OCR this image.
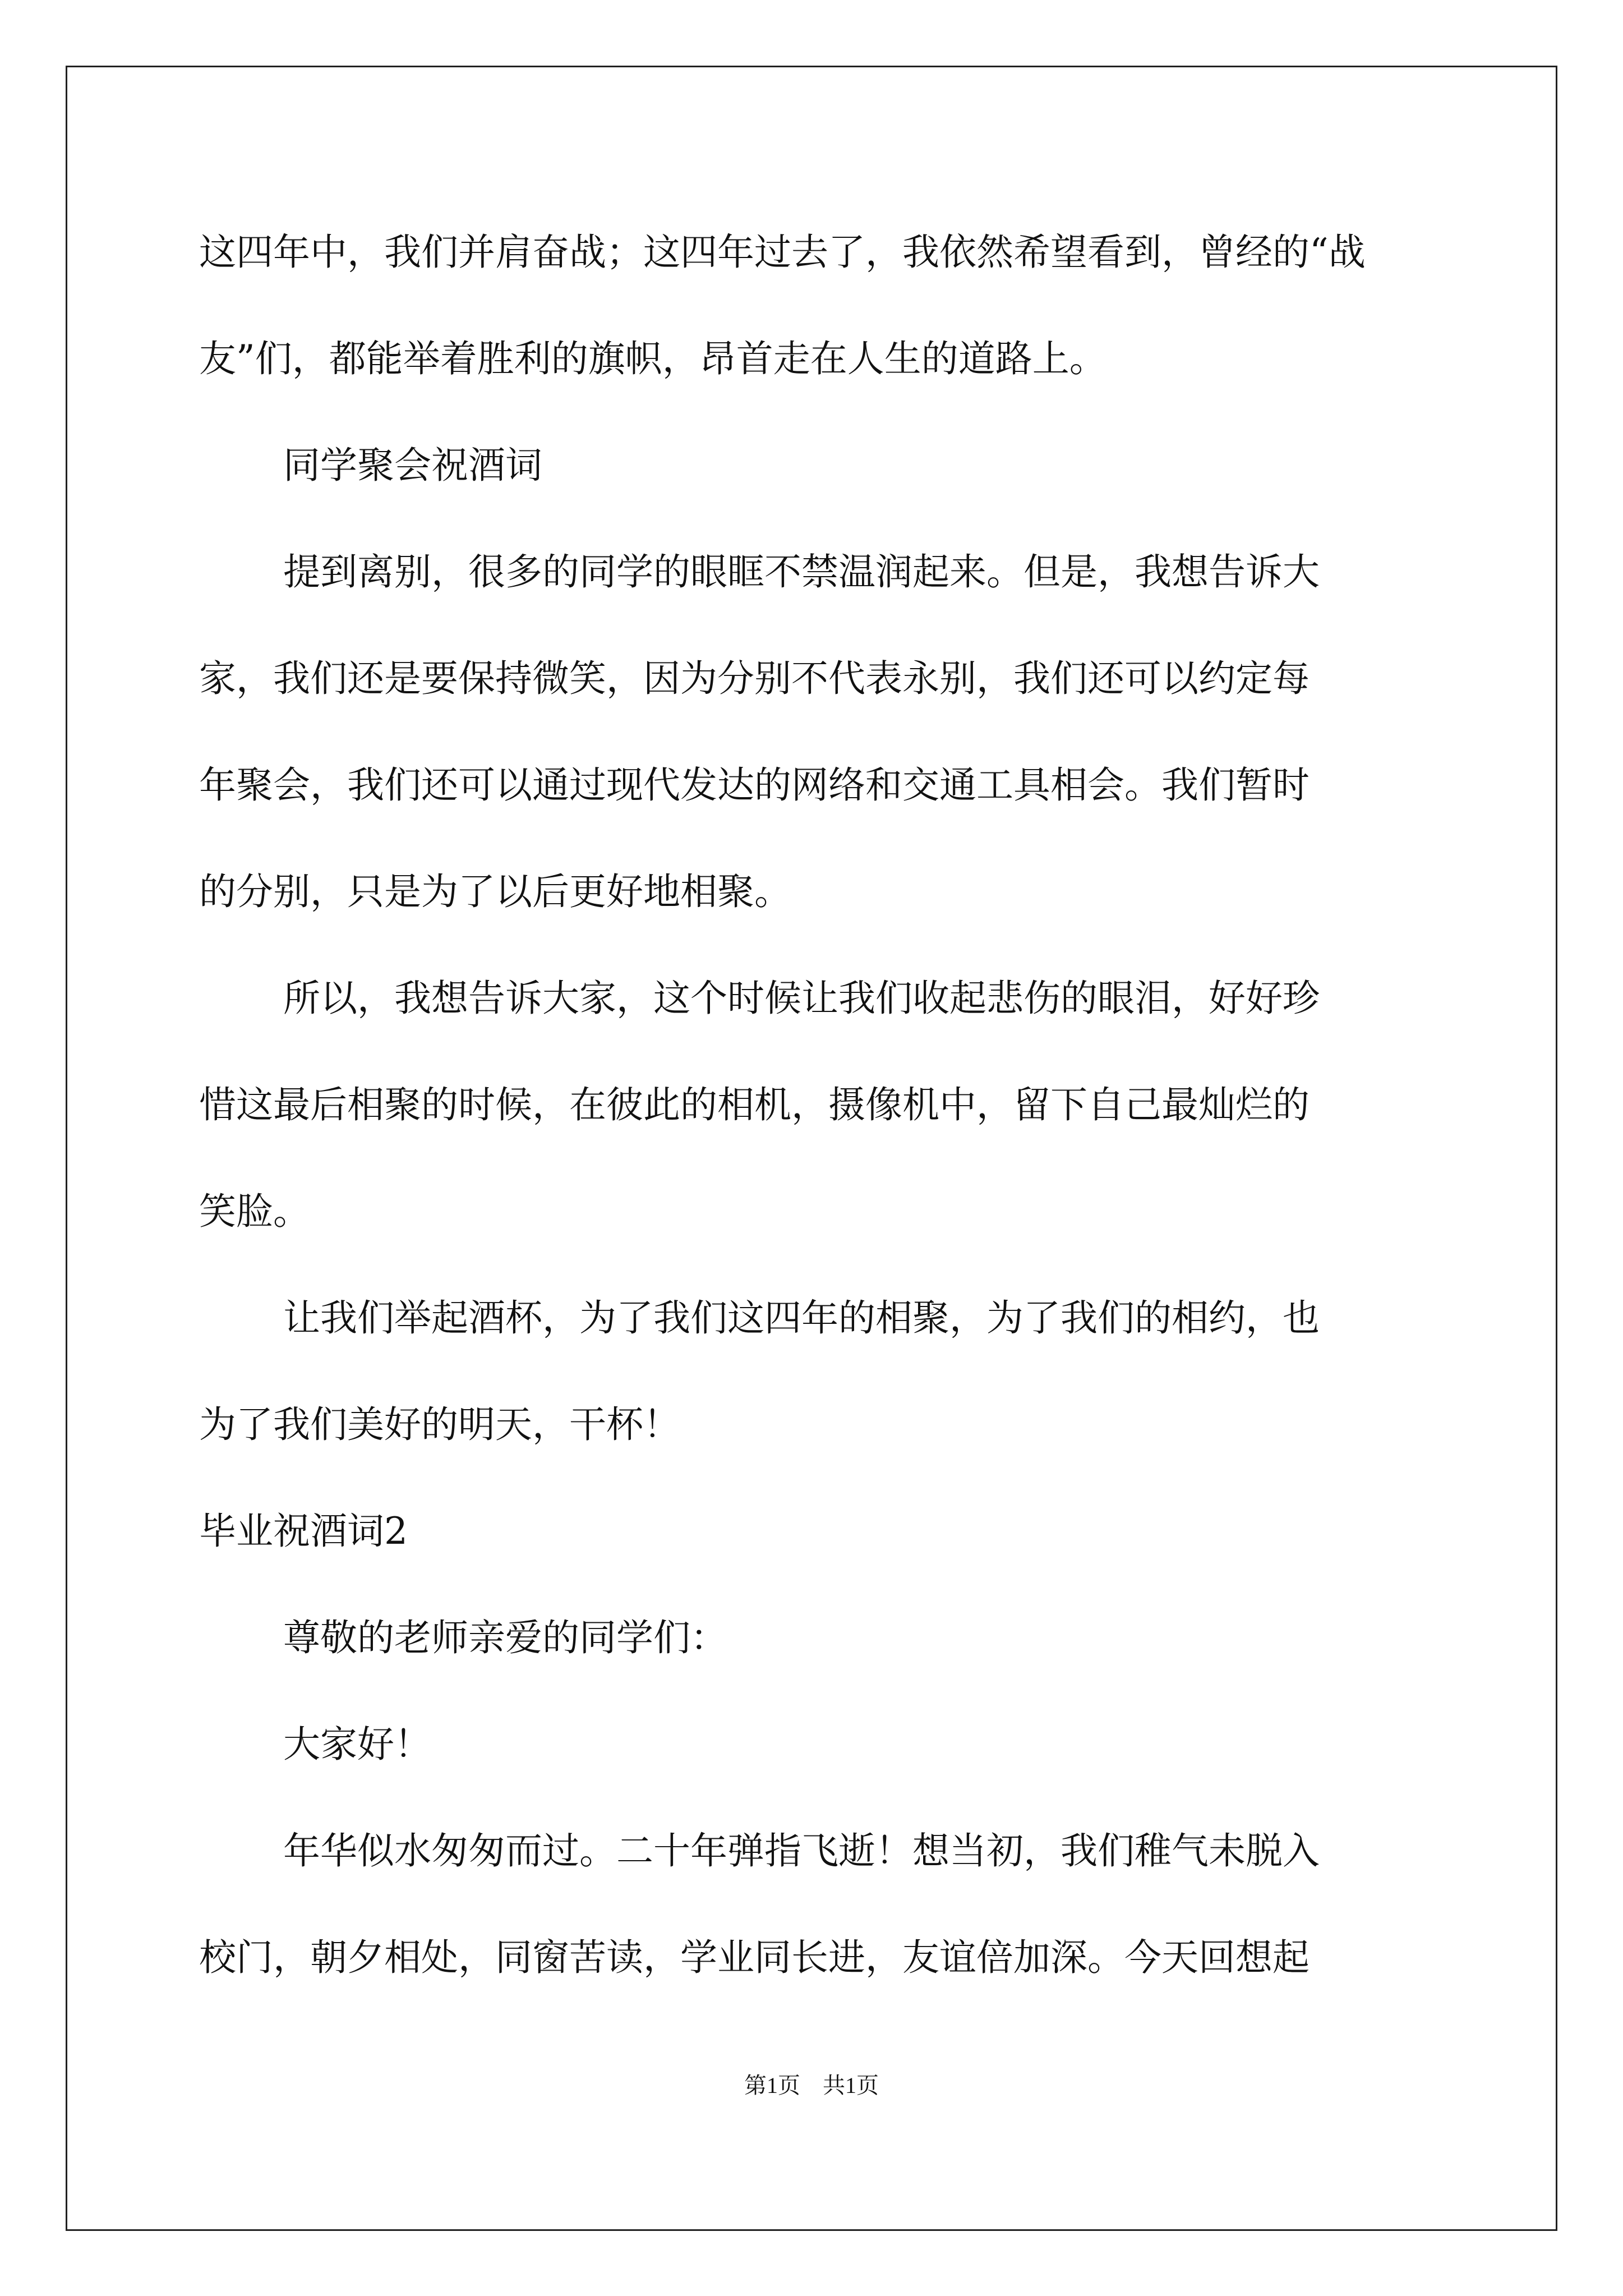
这四年中，我们并肩奋战；这四年过去了，我依然希望看到，曾经的“战
友”们，都能举着胜利的旗帜，昂首走在人生的道路上。
同学聚会祝酒词
提到离别，很多的同学的眼眶不禁温润起来。但是，我想告诉大
家，我们还是要保持微笑，因为分别不代表永别，我们还可以约定每
年聚会，我们还可以通过现代发达的网络和交通工具相会。我们暂时
的分别，只是为了以后更好地相聚。
所以，我想告诉大家，这个时候让我们收起悲伤的眼泪，好好珍
惜这最后相聚的时候，在彼此的相机，摄像机中，留下自己最灿烂的
笑脸。
让我们举起酒杯，为了我们这四年的相聚，为了我们的相约，也
为了我们美好的明天，干杯！
毕业祝酒词2
尊敬的老师亲爱的同学们：
大家好！
年华似水匆匆而过。二十年弹指飞逝！想当初，我们稚气未脱入
校门，朝夕相处，同窗苦读，学业同长进，友谊倍加深。今天回想起
第1页　共1页
